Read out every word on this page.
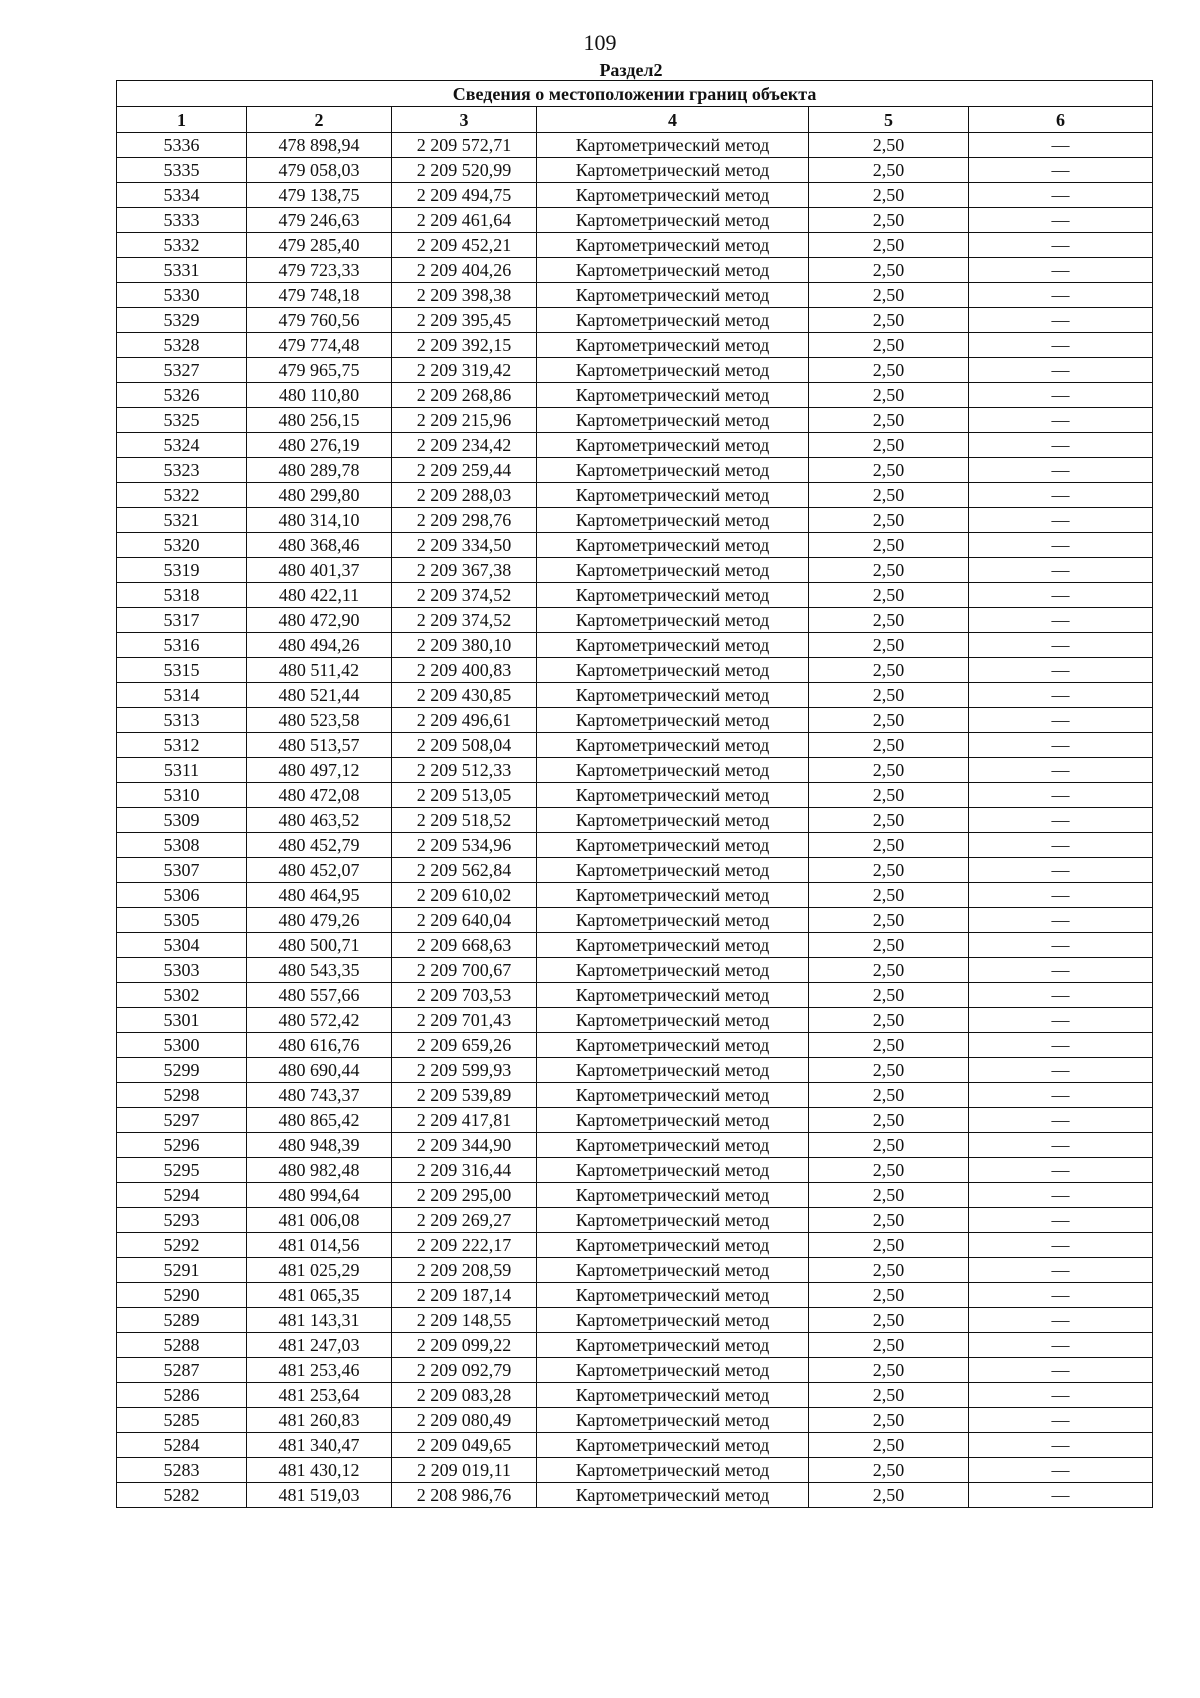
109
Раздел2
Сведения о местоположении границ объекта					
1	2	3	4	5	6
5336	478 898,94	2 209 572,71	Картометрический метод	2,50	—
5335	479 058,03	2 209 520,99	Картометрический метод	2,50	—
5334	479 138,75	2 209 494,75	Картометрический метод	2,50	—
5333	479 246,63	2 209 461,64	Картометрический метод	2,50	—
5332	479 285,40	2 209 452,21	Картометрический метод	2,50	—
5331	479 723,33	2 209 404,26	Картометрический метод	2,50	—
5330	479 748,18	2 209 398,38	Картометрический метод	2,50	—
5329	479 760,56	2 209 395,45	Картометрический метод	2,50	—
5328	479 774,48	2 209 392,15	Картометрический метод	2,50	—
5327	479 965,75	2 209 319,42	Картометрический метод	2,50	—
5326	480 110,80	2 209 268,86	Картометрический метод	2,50	—
5325	480 256,15	2 209 215,96	Картометрический метод	2,50	—
5324	480 276,19	2 209 234,42	Картометрический метод	2,50	—
5323	480 289,78	2 209 259,44	Картометрический метод	2,50	—
5322	480 299,80	2 209 288,03	Картометрический метод	2,50	—
5321	480 314,10	2 209 298,76	Картометрический метод	2,50	—
5320	480 368,46	2 209 334,50	Картометрический метод	2,50	—
5319	480 401,37	2 209 367,38	Картометрический метод	2,50	—
5318	480 422,11	2 209 374,52	Картометрический метод	2,50	—
5317	480 472,90	2 209 374,52	Картометрический метод	2,50	—
5316	480 494,26	2 209 380,10	Картометрический метод	2,50	—
5315	480 511,42	2 209 400,83	Картометрический метод	2,50	—
5314	480 521,44	2 209 430,85	Картометрический метод	2,50	—
5313	480 523,58	2 209 496,61	Картометрический метод	2,50	—
5312	480 513,57	2 209 508,04	Картометрический метод	2,50	—
5311	480 497,12	2 209 512,33	Картометрический метод	2,50	—
5310	480 472,08	2 209 513,05	Картометрический метод	2,50	—
5309	480 463,52	2 209 518,52	Картометрический метод	2,50	—
5308	480 452,79	2 209 534,96	Картометрический метод	2,50	—
5307	480 452,07	2 209 562,84	Картометрический метод	2,50	—
5306	480 464,95	2 209 610,02	Картометрический метод	2,50	—
5305	480 479,26	2 209 640,04	Картометрический метод	2,50	—
5304	480 500,71	2 209 668,63	Картометрический метод	2,50	—
5303	480 543,35	2 209 700,67	Картометрический метод	2,50	—
5302	480 557,66	2 209 703,53	Картометрический метод	2,50	—
5301	480 572,42	2 209 701,43	Картометрический метод	2,50	—
5300	480 616,76	2 209 659,26	Картометрический метод	2,50	—
5299	480 690,44	2 209 599,93	Картометрический метод	2,50	—
5298	480 743,37	2 209 539,89	Картометрический метод	2,50	—
5297	480 865,42	2 209 417,81	Картометрический метод	2,50	—
5296	480 948,39	2 209 344,90	Картометрический метод	2,50	—
5295	480 982,48	2 209 316,44	Картометрический метод	2,50	—
5294	480 994,64	2 209 295,00	Картометрический метод	2,50	—
5293	481 006,08	2 209 269,27	Картометрический метод	2,50	—
5292	481 014,56	2 209 222,17	Картометрический метод	2,50	—
5291	481 025,29	2 209 208,59	Картометрический метод	2,50	—
5290	481 065,35	2 209 187,14	Картометрический метод	2,50	—
5289	481 143,31	2 209 148,55	Картометрический метод	2,50	—
5288	481 247,03	2 209 099,22	Картометрический метод	2,50	—
5287	481 253,46	2 209 092,79	Картометрический метод	2,50	—
5286	481 253,64	2 209 083,28	Картометрический метод	2,50	—
5285	481 260,83	2 209 080,49	Картометрический метод	2,50	—
5284	481 340,47	2 209 049,65	Картометрический метод	2,50	—
5283	481 430,12	2 209 019,11	Картометрический метод	2,50	—
5282	481 519,03	2 208 986,76	Картометрический метод	2,50	—
